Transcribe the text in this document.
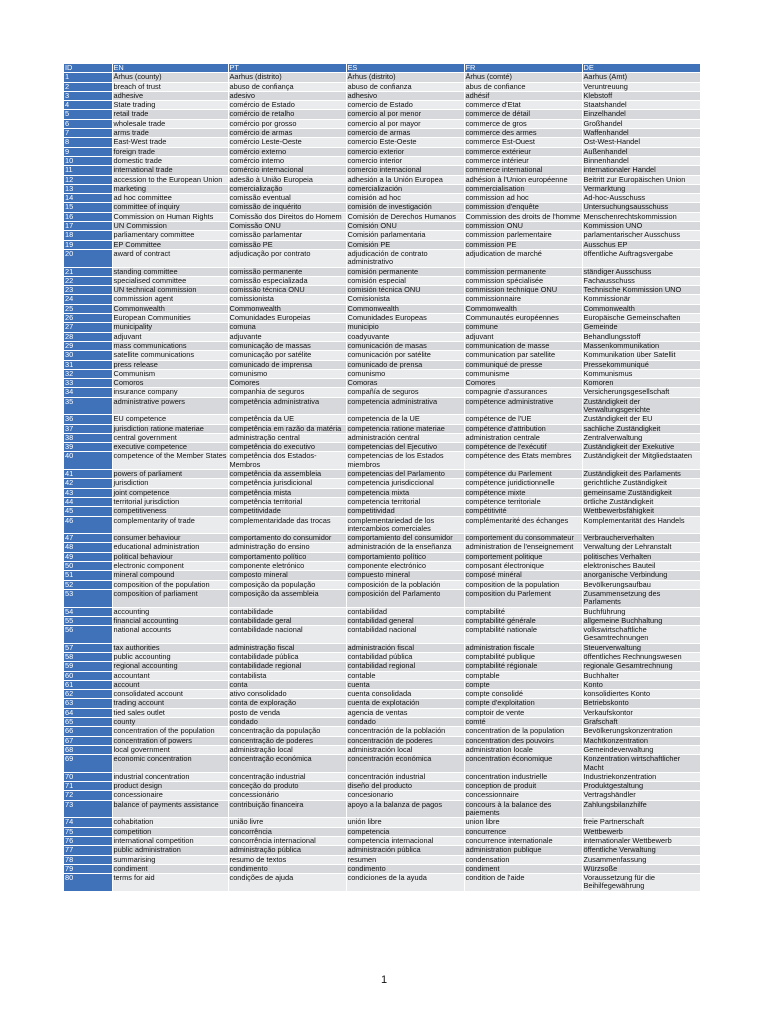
ID	EN	PT	ES	FR	DE
1	Århus (county)	Aarhus (distrito)	Århus (distrito)	Århus (comté)	Aarhus (Amt)
2	breach of trust	abuso de confiança	abuso de confianza	abus de confiance	Veruntreuung
3	adhesive	adesivo	adhesivo	adhésif	Klebstoff
4	State trading	comércio de Estado	comercio de Estado	commerce d'Etat	Staatshandel
5	retail trade	comércio de retalho	comercio al por menor	commerce de détail	Einzelhandel
6	wholesale trade	comércio por grosso	comercio al por mayor	commerce de gros	Großhandel
7	arms trade	comércio de armas	comercio de armas	commerce des armes	Waffenhandel
8	East-West trade	comércio Leste-Oeste	comercio Este-Oeste	commerce Est-Ouest	Ost-West-Handel
9	foreign trade	comércio externo	comercio exterior	commerce extérieur	Außenhandel
10	domestic trade	comércio interno	comercio interior	commerce intérieur	Binnenhandel
11	international trade	comércio internacional	comercio internacional	commerce international	internationaler Handel
12	accession to the European Union	adesão à União Europeia	adhesión a la Unión Europea	adhésion à l'Union européenne	Beitritt zur Europäischen Union
13	marketing	comercialização	comercialización	commercialisation	Vermarktung
14	ad hoc committee	comissão eventual	comisión ad hoc	commission ad hoc	Ad-hoc-Ausschuss
15	committee of inquiry	comissão de inquérito	comisión de investigación	commission d'enquête	Untersuchungsausschuss
16	Commission on Human Rights	Comissão dos Direitos do Homem	Comisión de Derechos Humanos	Commission des droits de l'homme	Menschenrechtskommission
17	UN Commission	Comissão ONU	Comisión ONU	commission ONU	Kommission UNO
18	parliamentary committee	comissão parlamentar	Comisión parlamentaria	commission parlementaire	parlamentarischer Ausschuss
19	EP Committee	comissão PE	Comisión PE	commission PE	Ausschus EP
20	award of contract	adjudicação por contrato	adjudicación de contrato administrativo	adjudication de marché	öffentliche Auftragsvergabe
21	standing committee	comissão permanente	comisión permanente	commission permanente	ständiger Ausschuss
22	specialised committee	comissão especializada	comisión especial	commission spécialisée	Fachausschuss
23	UN technical commission	comissão técnica ONU	comisión técnica ONU	commission technique ONU	Technische Kommission UNO
24	commission agent	comissionista	Comisionista	commissionnaire	Kommissionär
25	Commonwealth	Commonwealth	Commonwealth	Commonwealth	Commonwealth
26	European Communities	Comunidades Europeias	Comunidades Europeas	Communautés européennes	Europäische Gemeinschaften
27	municipality	comuna	municipio	commune	Gemeinde
28	adjuvant	adjuvante	coadyuvante	adjuvant	Behandlungsstoff
29	mass communications	comunicação de massas	comunicación de masas	communication de masse	Massenkommunikation
30	satellite communications	comunicação por satélite	comunicación por satélite	communication par satellite	Kommunikation über Satellit
31	press release	comunicado de imprensa	comunicado de prensa	communiqué de presse	Pressekommuniqué
32	Communism	comunismo	comunismo	communisme	Kommunismus
33	Comoros	Comores	Comoras	Comores	Komoren
34	insurance company	companhia de seguros	compañía de seguros	compagnie d'assurances	Versicherungsgesellschaft
35	administrative powers	competência administrativa	competencia administrativa	compétence administrative	Zuständigkeit der Verwaltungsgerichte
36	EU competence	competência da UE	competencia de la UE	compétence de l'UE	Zuständigkeit der EU
37	jurisdiction ratione materiae	competência em razão da matéria	competencia ratione materiae	compétence d'attribution	sachliche Zuständigkeit
38	central government	administração central	administración central	administration centrale	Zentralverwaltung
39	executive competence	competência do executivo	competencias del Ejecutivo	compétence de l'exécutif	Zuständigkeit der Exekutive
40	competence of the Member States	competência dos Estados-Membros	competencias de los Estados miembros	compétence des États membres	Zuständigkeit der Mitgliedstaaten
41	powers of parliament	competência da assembleia	competencias del Parlamento	compétence du Parlement	Zuständigkeit des Parlaments
42	jurisdiction	competência jurisdicional	competencia jurisdiccional	compétence juridictionnelle	gerichtliche Zuständigkeit
43	joint competence	competência mista	competencia mixta	compétence mixte	gemeinsame Zuständigkeit
44	territorial jurisdiction	competência territorial	competencia territorial	compétence territoriale	örtliche Zuständigkeit
45	competitiveness	competitividade	competitividad	compétitivité	Wettbewerbsfähigkeit
46	complementarity of trade	complementaridade das trocas	complementariedad de los intercambios comerciales	complémentarité des échanges	Komplementarität des Handels
47	consumer behaviour	comportamento do consumidor	comportamiento del consumidor	comportement du consommateur	Verbraucherverhalten
48	educational administration	administração do ensino	administración de la enseñanza	administration de l'enseignement	Verwaltung der Lehranstalt
49	political behaviour	comportamento político	comportamiento político	comportement politique	politisches Verhalten
50	electronic component	componente eletrónico	componente electrónico	composant électronique	elektronisches Bauteil
51	mineral compound	composto mineral	compuesto mineral	composé minéral	anorganische Verbindung
52	composition of the population	composição da população	composición de la población	composition de la population	Bevölkerungsaufbau
53	composition of parliament	composição da assembleia	composición del Parlamento	composition du Parlement	Zusammensetzung des Parlaments
54	accounting	contabilidade	contabilidad	comptabilité	Buchführung
55	financial accounting	contabilidade geral	contabilidad general	comptabilité générale	allgemeine Buchhaltung
56	national accounts	contabilidade nacional	contabilidad nacional	comptabilité nationale	volkswirtschaftliche Gesamtrechnungen
57	tax authorities	administração fiscal	administración fiscal	administration fiscale	Steuerverwaltung
58	public accounting	contabilidade pública	contabilidad pública	comptabilité publique	öffentliches Rechnungswesen
59	regional accounting	contabilidade regional	contabilidad regional	comptabilité régionale	regionale Gesamtrechnung
60	accountant	contabilista	contable	comptable	Buchhalter
61	account	conta	cuenta	compte	Konto
62	consolidated account	ativo consolidado	cuenta consolidada	compte consolidé	konsolidiertes Konto
63	trading account	conta de exploração	cuenta de explotación	compte d'exploitation	Betriebskonto
64	tied sales outlet	posto de venda	agencia de ventas	comptoir de vente	Verkaufskontor
65	county	condado	condado	comté	Grafschaft
66	concentration of the population	concentração da população	concentración de la población	concentration de la population	Bevölkerungskonzentration
67	concentration of powers	concentração de poderes	concentración de poderes	concentration des pouvoirs	Machtkonzentration
68	local government	administração local	administración local	administration locale	Gemeindeverwaltung
69	economic concentration	concentração económica	concentración económica	concentration économique	Konzentration wirtschaftlicher Macht
70	industrial concentration	concentração industrial	concentración industrial	concentration industrielle	Industriekonzentration
71	product design	conceção do produto	diseño del producto	conception de produit	Produktgestaltung
72	concessionaire	concessionário	concesionario	concessionnaire	Vertragshändler
73	balance of payments assistance	contribuição financeira	apoyo a la balanza de pagos	concours à la balance des paiements	Zahlungsbilanzhilfe
74	cohabitation	união livre	unión libre	union libre	freie Partnerschaft
75	competition	concorrência	competencia	concurrence	Wettbewerb
76	international competition	concorrência internacional	competencia internacional	concurrence internationale	internationaler Wettbewerb
77	public administration	administração pública	administración pública	administration publique	öffentliche Verwaltung
78	summarising	resumo de textos	resumen	condensation	Zusammenfassung
79	condiment	condimento	condimento	condiment	Würzsoße
80	terms for aid	condições de ajuda	condiciones de la ayuda	condition de l'aide	Voraussetzung für die Beihilfegewährung
1
